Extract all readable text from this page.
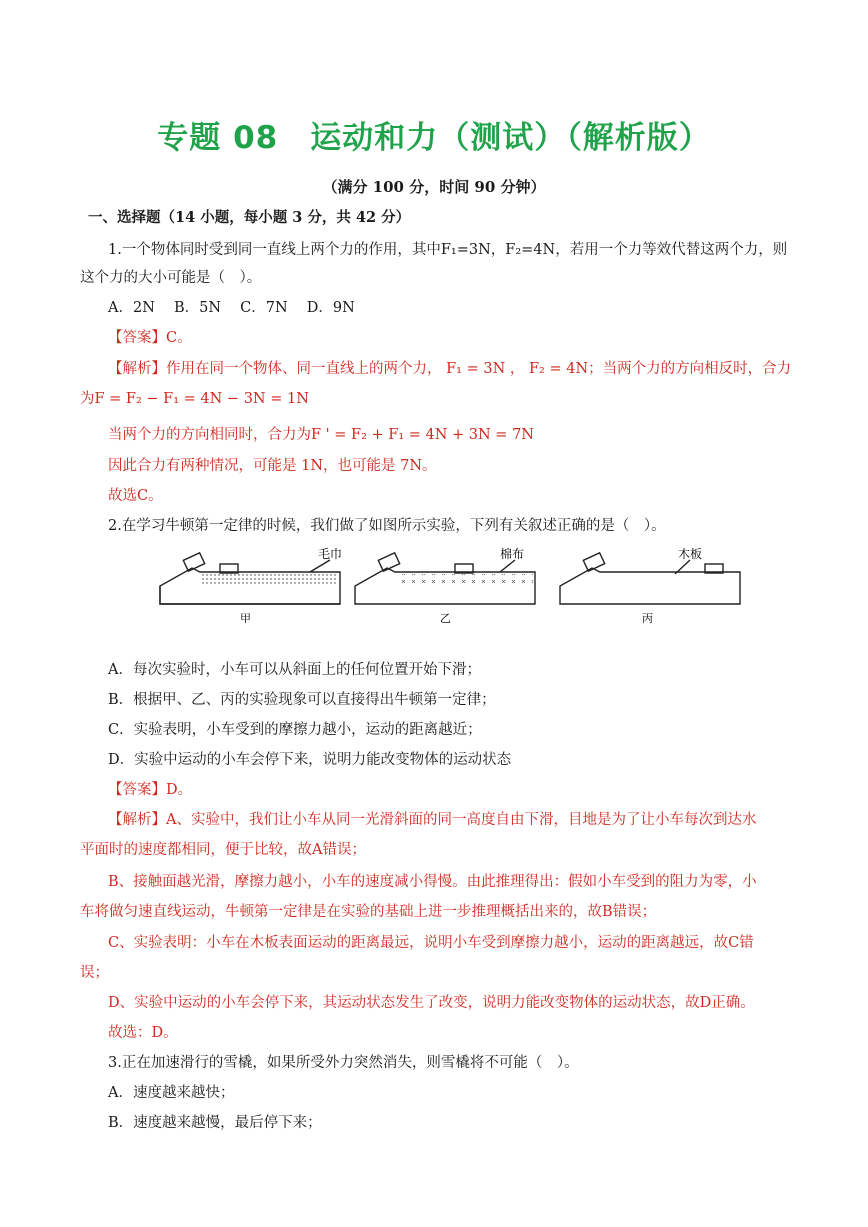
专题 08　运动和力（测试）（解析版）
（满分 100 分，时间 90 分钟）
一、选择题（14 小题，每小题 3 分，共 42 分）
1.一个物体同时受到同一直线上两个力的作用，其中F₁=3N，F₂=4N，若用一个力等效代替这两个力，则
这个力的大小可能是（　）。
A．2N　 B．5N　 C．7N　 D．9N
【答案】C。
【解析】作用在同一个物体、同一直线上的两个力， F₁ = 3N ， F₂ = 4N；当两个力的方向相反时，合力
为F = F₂ − F₁ = 4N − 3N = 1N
当两个力的方向相同时，合力为F ' = F₂ + F₁ = 4N + 3N = 7N
因此合力有两种情况，可能是 1N，也可能是 7N。
故选C。
2.在学习牛顿第一定律的时候，我们做了如图所示实验，下列有关叙述正确的是（　）。
毛巾	棉布	木板
甲	乙	丙
A．每次实验时，小车可以从斜面上的任何位置开始下滑；
B．根据甲、乙、丙的实验现象可以直接得出牛顿第一定律；
C．实验表明，小车受到的摩擦力越小，运动的距离越近；
D．实验中运动的小车会停下来，说明力能改变物体的运动状态
【答案】D。
【解析】A、实验中，我们让小车从同一光滑斜面的同一高度自由下滑，目地是为了让小车每次到达水
平面时的速度都相同，便于比较，故A错误；
B、接触面越光滑，摩擦力越小，小车的速度减小得慢。由此推理得出：假如小车受到的阻力为零，小
车将做匀速直线运动，牛顿第一定律是在实验的基础上进一步推理概括出来的，故B错误；
C、实验表明：小车在木板表面运动的距离最远，说明小车受到摩擦力越小，运动的距离越远，故C错
误；
D、实验中运动的小车会停下来，其运动状态发生了改变，说明力能改变物体的运动状态，故D正确。
故选：D。
3.正在加速滑行的雪橇，如果所受外力突然消失，则雪橇将不可能（　）。
A．速度越来越快；
B．速度越来越慢，最后停下来；
